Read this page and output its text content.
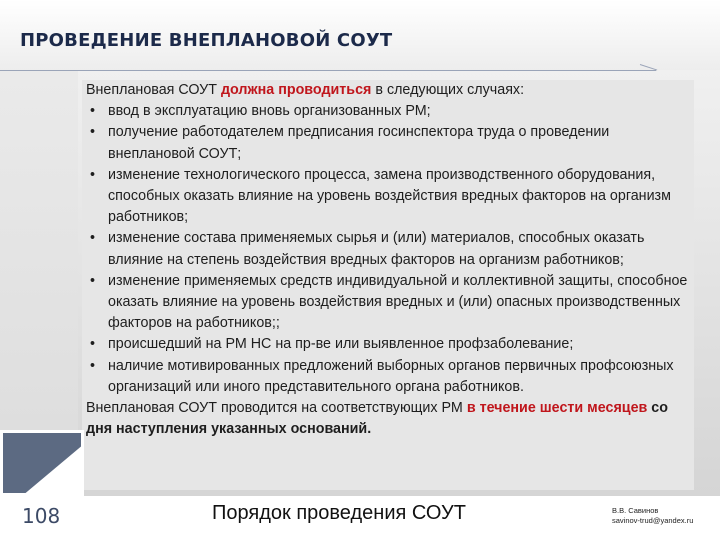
ПРОВЕДЕНИЕ ВНЕПЛАНОВОЙ СОУТ

Внеплановая СОУТ должна проводиться в следующих случаях:

• ввод в эксплуатацию вновь организованных РМ;
• получение работодателем предписания госинспектора труда о проведении внеплановой СОУТ;
• изменение технологического процесса, замена производственного оборудования, способных оказать влияние на уровень воздействия вредных факторов на организм работников;
• изменение состава применяемых сырья и (или) материалов, способных оказать влияние на степень воздействия вредных факторов на организм работников;
• изменение применяемых средств индивидуальной и коллективной защиты, способное оказать влияние на уровень воздействия вредных и (или) опасных производственных факторов на работников;;
• происшедший на РМ НС на пр-ве или выявленное профзаболевание;
• наличие мотивированных предложений выборных органов первичных профсоюзных организаций или иного представительного органа работников.

Внеплановая СОУТ проводится на соответствующих РМ в течение шести месяцев со дня наступления указанных оснований.

108	Порядок проведения СОУТ	В.В. Савинов
savinov-trud@yandex.ru
